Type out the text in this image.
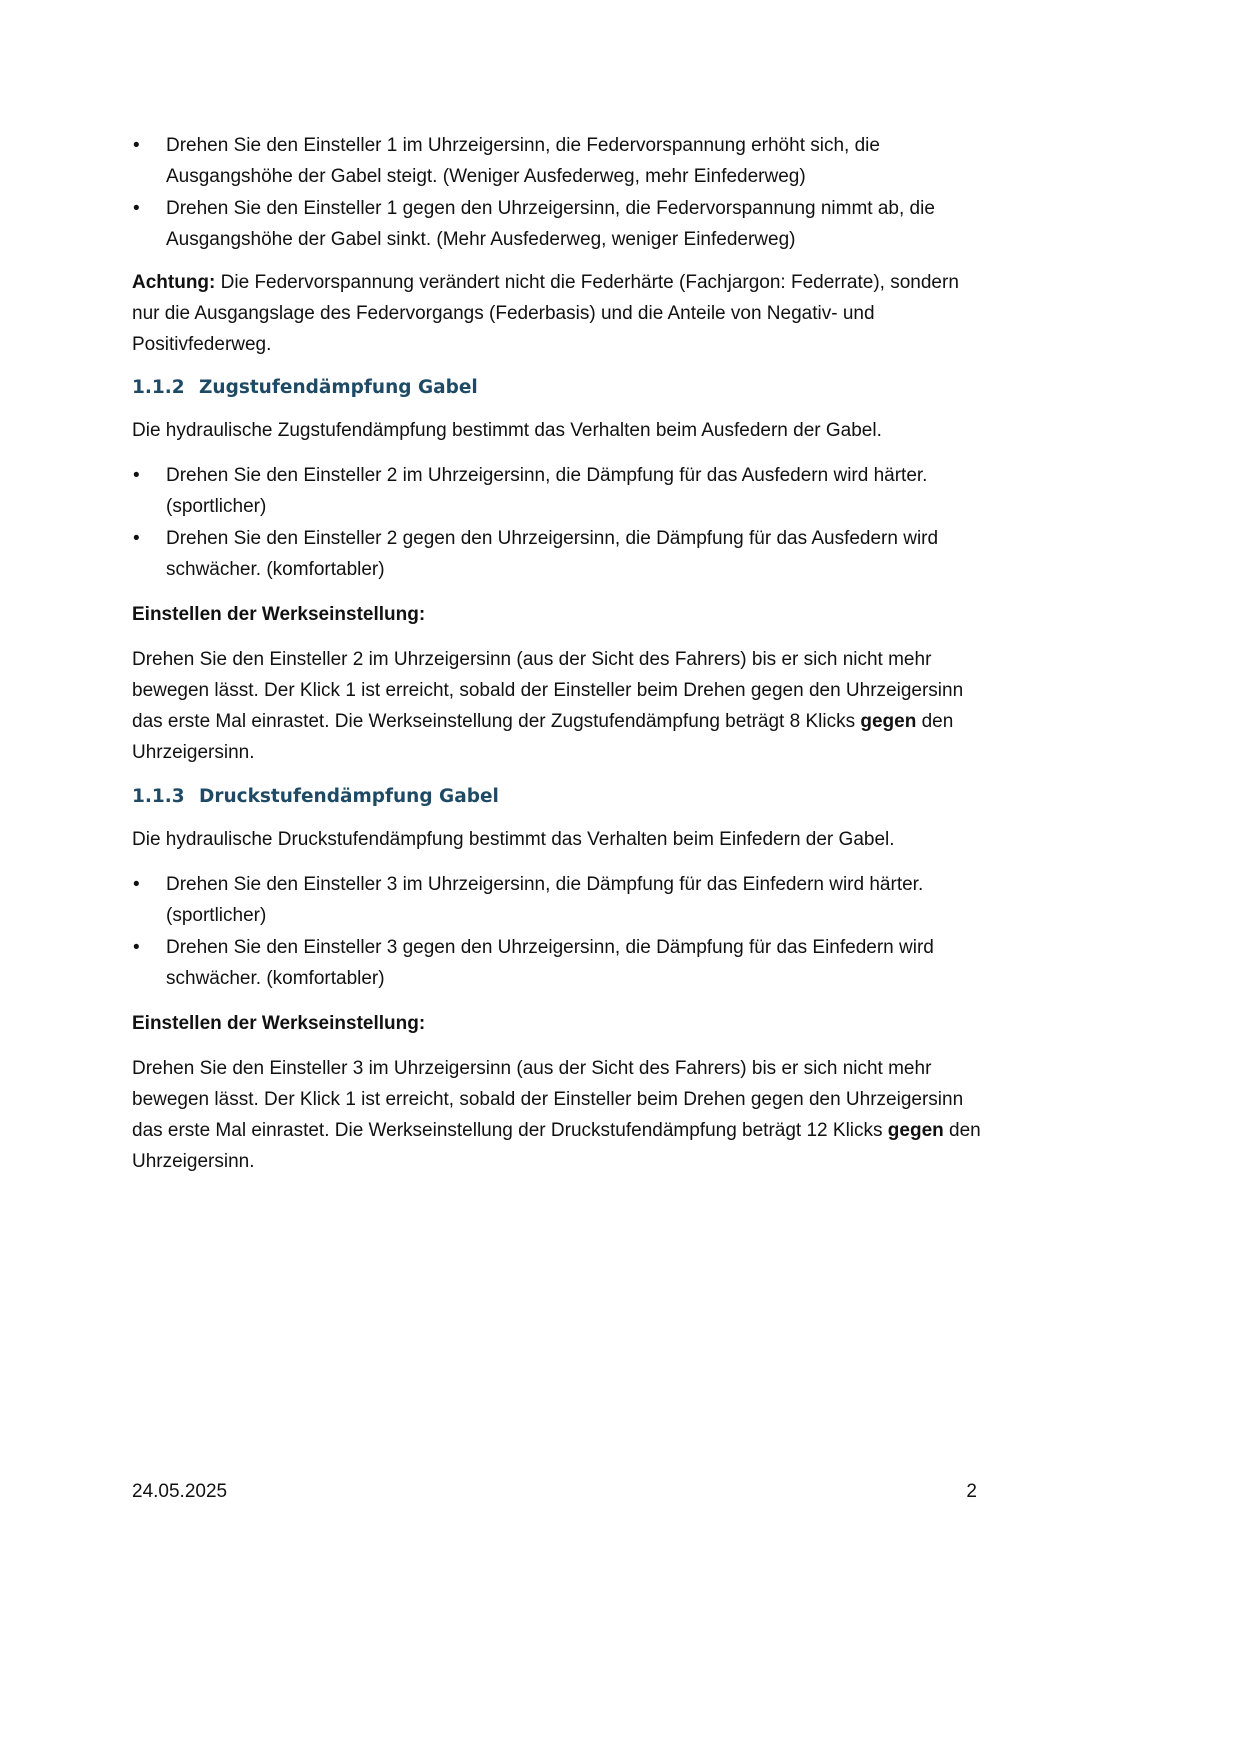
• Drehen Sie den Einsteller 1 im Uhrzeigersinn, die Federvorspannung erhöht sich, die Ausgangshöhe der Gabel steigt. (Weniger Ausfederweg, mehr Einfederweg)
• Drehen Sie den Einsteller 1 gegen den Uhrzeigersinn, die Federvorspannung nimmt ab, die Ausgangshöhe der Gabel sinkt. (Mehr Ausfederweg, weniger Einfederweg)

Achtung: Die Federvorspannung verändert nicht die Federhärte (Fachjargon: Federrate), sondern nur die Ausgangslage des Federvorgangs (Federbasis) und die Anteile von Negativ- und Positivfederweg.

1.1.2 Zugstufendämpfung Gabel

Die hydraulische Zugstufendämpfung bestimmt das Verhalten beim Ausfedern der Gabel.

• Drehen Sie den Einsteller 2 im Uhrzeigersinn, die Dämpfung für das Ausfedern wird härter. (sportlicher)
• Drehen Sie den Einsteller 2 gegen den Uhrzeigersinn, die Dämpfung für das Ausfedern wird schwächer. (komfortabler)

Einstellen der Werkseinstellung:

Drehen Sie den Einsteller 2 im Uhrzeigersinn (aus der Sicht des Fahrers) bis er sich nicht mehr bewegen lässt. Der Klick 1 ist erreicht, sobald der Einsteller beim Drehen gegen den Uhrzeigersinn das erste Mal einrastet. Die Werkseinstellung der Zugstufendämpfung beträgt 8 Klicks gegen den Uhrzeigersinn.

1.1.3 Druckstufendämpfung Gabel

Die hydraulische Druckstufendämpfung bestimmt das Verhalten beim Einfedern der Gabel.

• Drehen Sie den Einsteller 3 im Uhrzeigersinn, die Dämpfung für das Einfedern wird härter. (sportlicher)
• Drehen Sie den Einsteller 3 gegen den Uhrzeigersinn, die Dämpfung für das Einfedern wird schwächer. (komfortabler)

Einstellen der Werkseinstellung:

Drehen Sie den Einsteller 3 im Uhrzeigersinn (aus der Sicht des Fahrers) bis er sich nicht mehr bewegen lässt. Der Klick 1 ist erreicht, sobald der Einsteller beim Drehen gegen den Uhrzeigersinn das erste Mal einrastet. Die Werkseinstellung der Druckstufendämpfung beträgt 12 Klicks gegen den Uhrzeigersinn.

24.05.2025	2
